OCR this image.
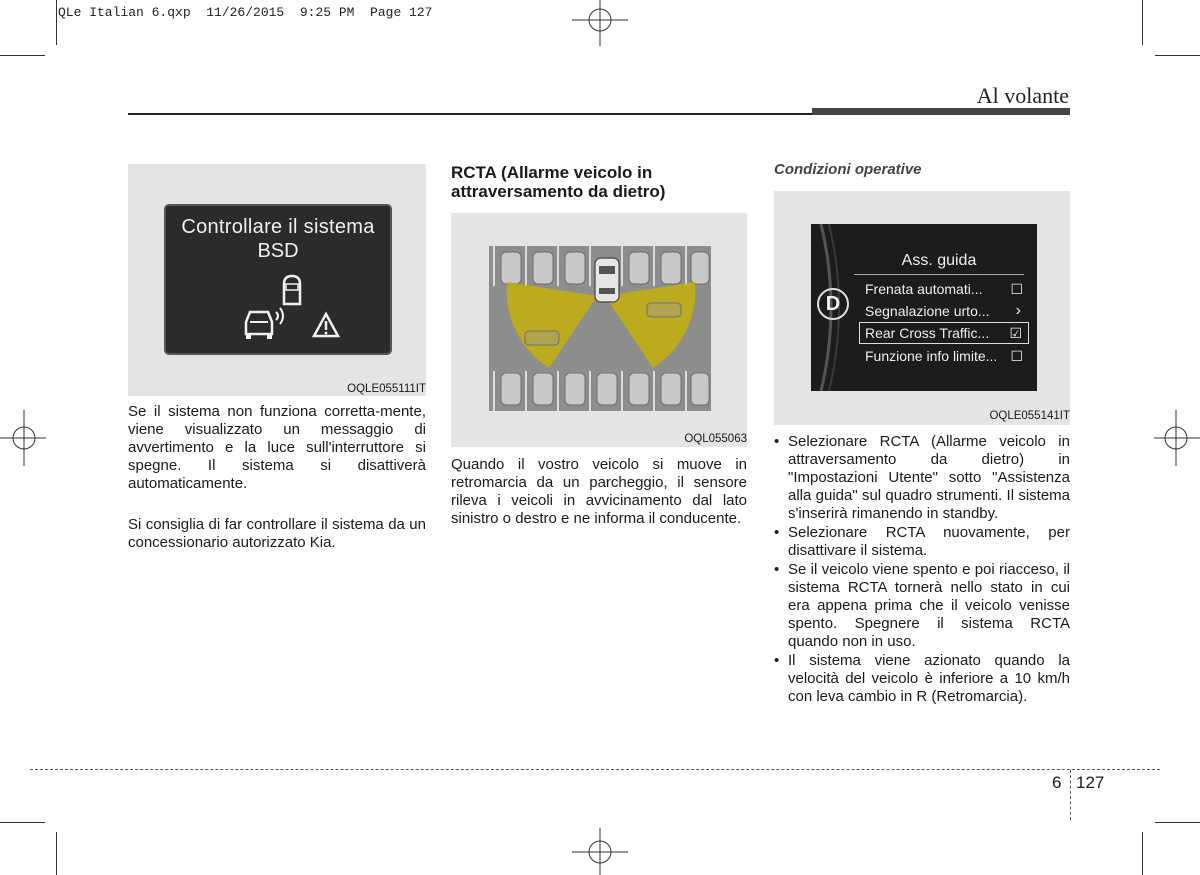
QLe Italian 6.qxp  11/26/2015  9:25 PM  Page 127
Al volante
Controllare il sistema
BSD
OQLE055111IT
Se il sistema non funziona corretta-mente, viene visualizzato un messaggio di avvertimento e la luce sull'interruttore si spegne. Il sistema si disattiverà automaticamente.
Si consiglia di far controllare il sistema da un concessionario autorizzato Kia.
RCTA (Allarme veicolo in attraversamento da dietro)
OQL055063
Quando il vostro veicolo si muove in retromarcia da un parcheggio, il sensore rileva i veicoli in avvicinamento dal lato sinistro o destro e ne informa il conducente.
Condizioni operative
D
Ass. guida
Frenata automati... ☐
Segnalazione urto... ›
Rear Cross Traffic... ☑
Funzione info limite... ☐
OQLE055141IT
• Selezionare RCTA (Allarme veicolo in attraversamento da dietro) in "Impostazioni Utente" sotto "Assistenza alla guida" sul quadro strumenti. Il sistema s'inserirà rimanendo in standby.
• Selezionare RCTA nuovamente, per disattivare il sistema.
• Se il veicolo viene spento e poi riacceso, il sistema RCTA tornerà nello stato in cui era appena prima che il veicolo venisse spento. Spegnere il sistema RCTA quando non in uso.
• Il sistema viene azionato quando la velocità del veicolo è inferiore a 10 km/h con leva cambio in R (Retromarcia).
6 127
